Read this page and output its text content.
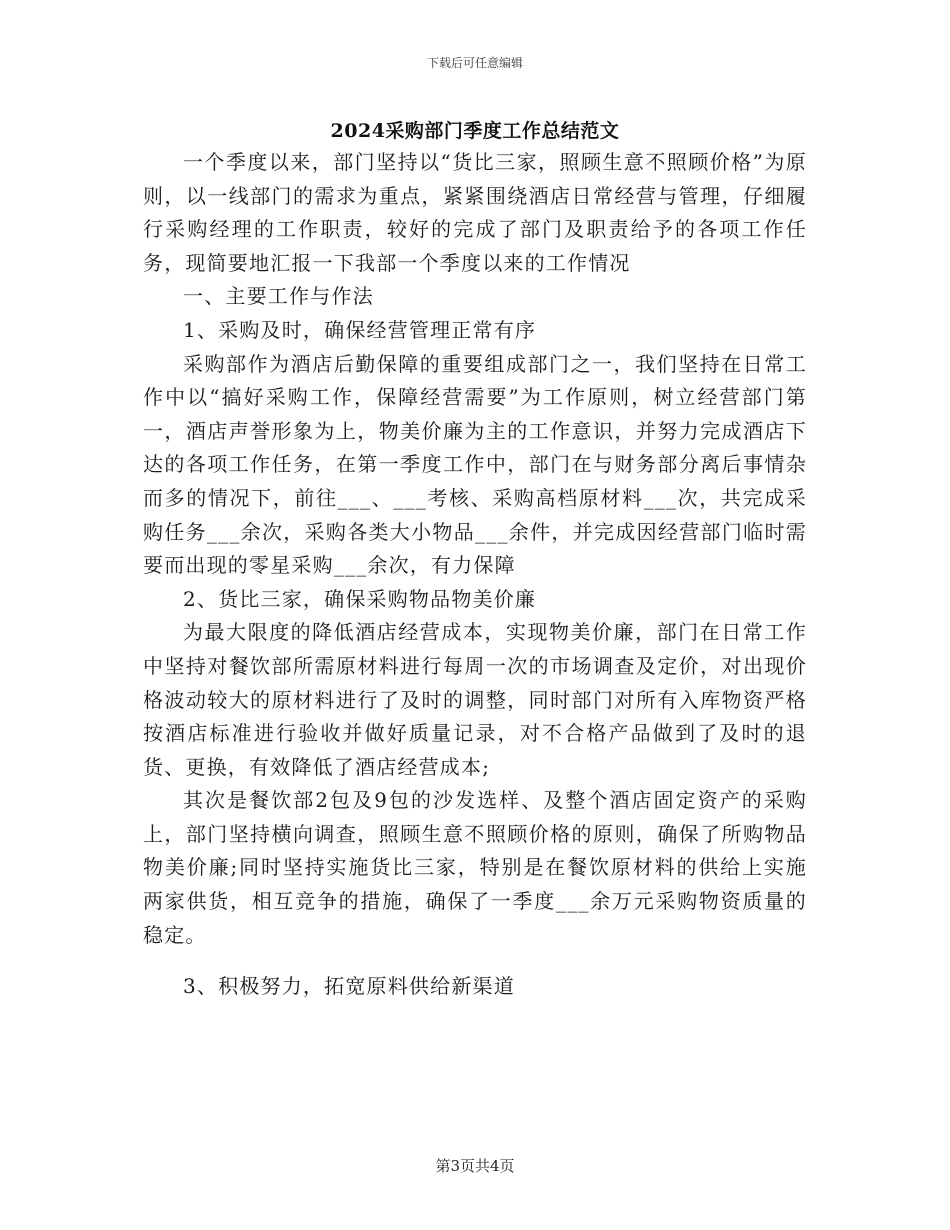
下载后可任意编辑
2024采购部门季度工作总结范文

一个季度以来，部门坚持以“货比三家，照顾生意不照顾价格”为原则，以一线部门的需求为重点，紧紧围绕酒店日常经营与管理，仔细履行采购经理的工作职责，较好的完成了部门及职责给予的各项工作任务，现简要地汇报一下我部一个季度以来的工作情况

一、主要工作与作法

1、采购及时，确保经营管理正常有序

采购部作为酒店后勤保障的重要组成部门之一，我们坚持在日常工作中以“搞好采购工作，保障经营需要”为工作原则，树立经营部门第一，酒店声誉形象为上，物美价廉为主的工作意识，并努力完成酒店下达的各项工作任务，在第一季度工作中，部门在与财务部分离后事情杂而多的情况下，前往___、___考核、采购高档原材料___次，共完成采购任务___余次，采购各类大小物品___余件，并完成因经营部门临时需要而出现的零星采购___余次，有力保障

2、货比三家，确保采购物品物美价廉

为最大限度的降低酒店经营成本，实现物美价廉，部门在日常工作中坚持对餐饮部所需原材料进行每周一次的市场调查及定价，对出现价格波动较大的原材料进行了及时的调整，同时部门对所有入库物资严格按酒店标准进行验收并做好质量记录，对不合格产品做到了及时的退货、更换，有效降低了酒店经营成本;

其次是餐饮部2包及9包的沙发选样、及整个酒店固定资产的采购上，部门坚持横向调查，照顾生意不照顾价格的原则，确保了所购物品物美价廉;同时坚持实施货比三家，特别是在餐饮原材料的供给上实施两家供货，相互竞争的措施，确保了一季度___余万元采购物资质量的稳定。

3、积极努力，拓宽原料供给新渠道

第3页共4页
